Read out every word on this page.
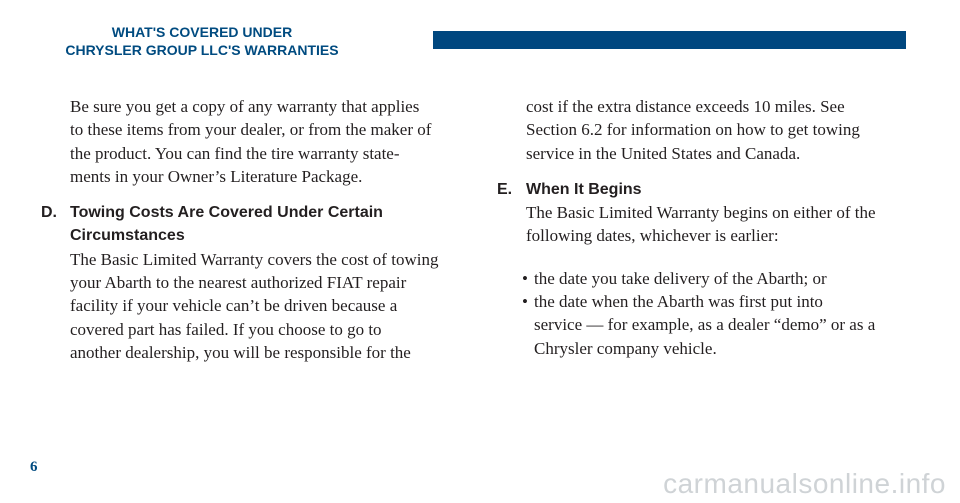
WHAT'S COVERED UNDER
CHRYSLER GROUP LLC'S WARRANTIES
Be sure you get a copy of any warranty that applies
to these items from your dealer, or from the maker of
the product. You can find the tire warranty state-
ments in your Owner’s Literature Package.
D. Towing Costs Are Covered Under Certain
Circumstances
The Basic Limited Warranty covers the cost of towing
your Abarth to the nearest authorized FIAT repair
facility if your vehicle can’t be driven because a
covered part has failed. If you choose to go to
another dealership, you will be responsible for the
cost if the extra distance exceeds 10 miles. See
Section 6.2 for information on how to get towing
service in the United States and Canada.
E. When It Begins
The Basic Limited Warranty begins on either of the
following dates, whichever is earlier:
• the date you take delivery of the Abarth; or
• the date when the Abarth was first put into
service — for example, as a dealer “demo” or as a
Chrysler company vehicle.
6
carmanualsonline.info
